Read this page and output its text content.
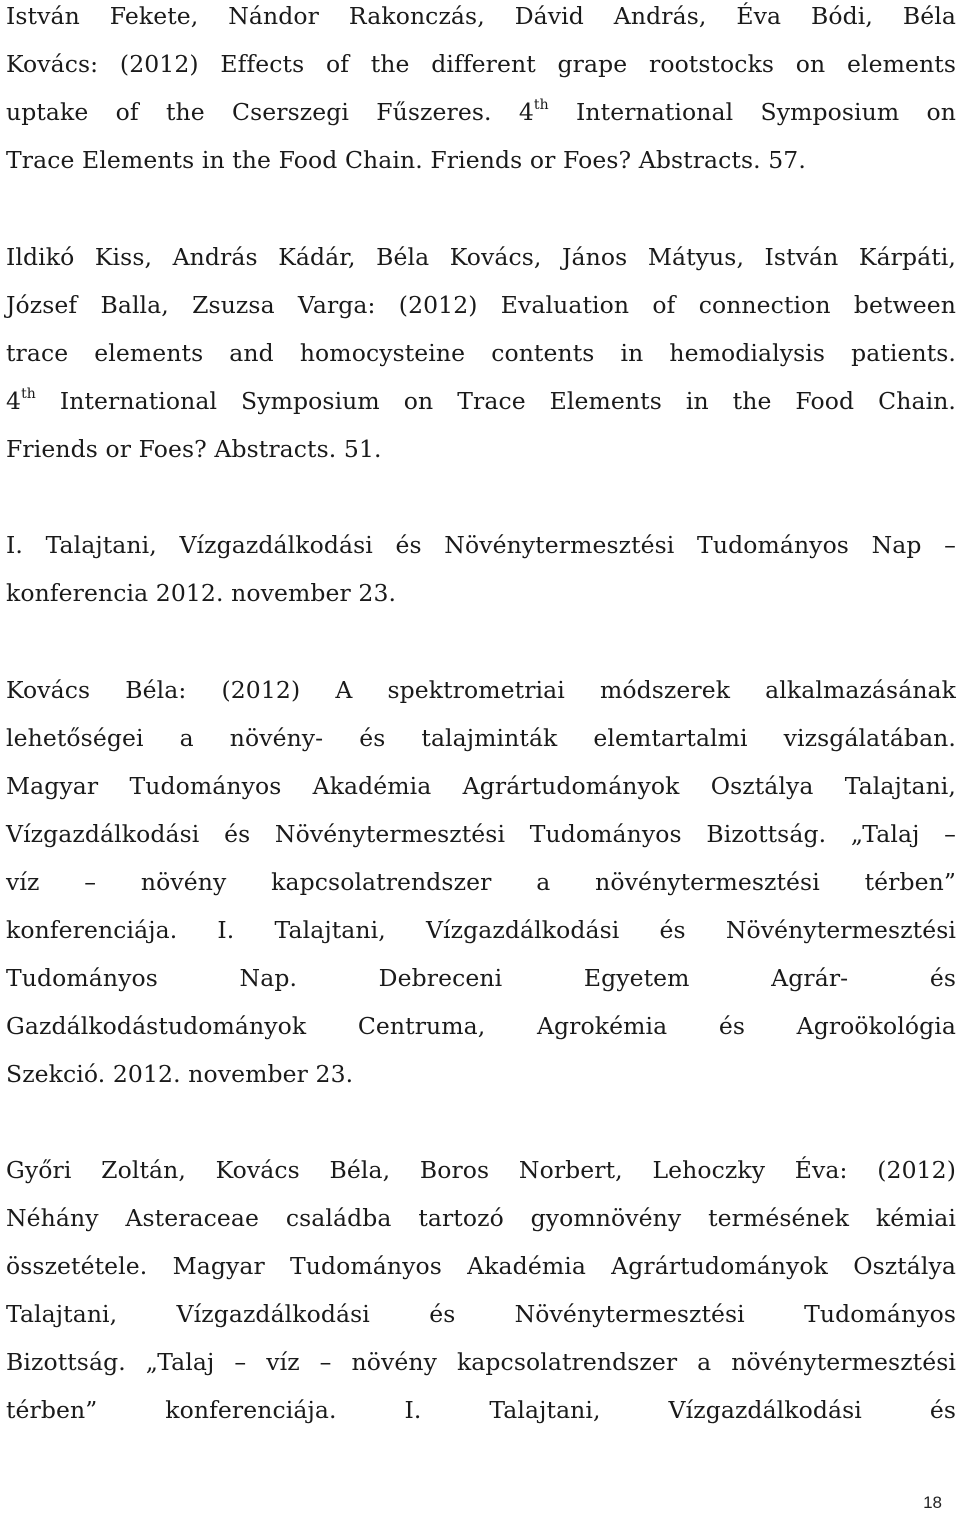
István Fekete, Nándor Rakonczás, Dávid András, Éva Bódi, Béla
Kovács: (2012) Effects of the different grape rootstocks on elements
uptake of the Cserszegi Fűszeres. 4th International Symposium on
Trace Elements in the Food Chain. Friends or Foes? Abstracts. 57.
Ildikó Kiss, András Kádár, Béla Kovács, János Mátyus, István Kárpáti,
József Balla, Zsuzsa Varga: (2012) Evaluation of connection between
trace elements and homocysteine contents in hemodialysis patients.
4th International Symposium on Trace Elements in the Food Chain.
Friends or Foes? Abstracts. 51.
I. Talajtani, Vízgazdálkodási és Növénytermesztési Tudományos Nap –
konferencia 2012. november 23.
Kovács Béla: (2012) A spektrometriai módszerek alkalmazásának
lehetőségei a növény- és talajminták elemtartalmi vizsgálatában.
Magyar Tudományos Akadémia Agrártudományok Osztálya Talajtani,
Vízgazdálkodási és Növénytermesztési Tudományos Bizottság. „Talaj –
víz – növény kapcsolatrendszer a növénytermesztési térben”
konferenciája. I. Talajtani, Vízgazdálkodási és Növénytermesztési
Tudományos Nap. Debreceni Egyetem Agrár- és
Gazdálkodástudományok Centruma, Agrokémia és Agroökológia
Szekció. 2012. november 23.
Győri Zoltán, Kovács Béla, Boros Norbert, Lehoczky Éva: (2012)
Néhány Asteraceae családba tartozó gyomnövény termésének kémiai
összetétele. Magyar Tudományos Akadémia Agrártudományok Osztálya
Talajtani, Vízgazdálkodási és Növénytermesztési Tudományos
Bizottság. „Talaj – víz – növény kapcsolatrendszer a növénytermesztési
térben” konferenciája. I. Talajtani, Vízgazdálkodási és
18
